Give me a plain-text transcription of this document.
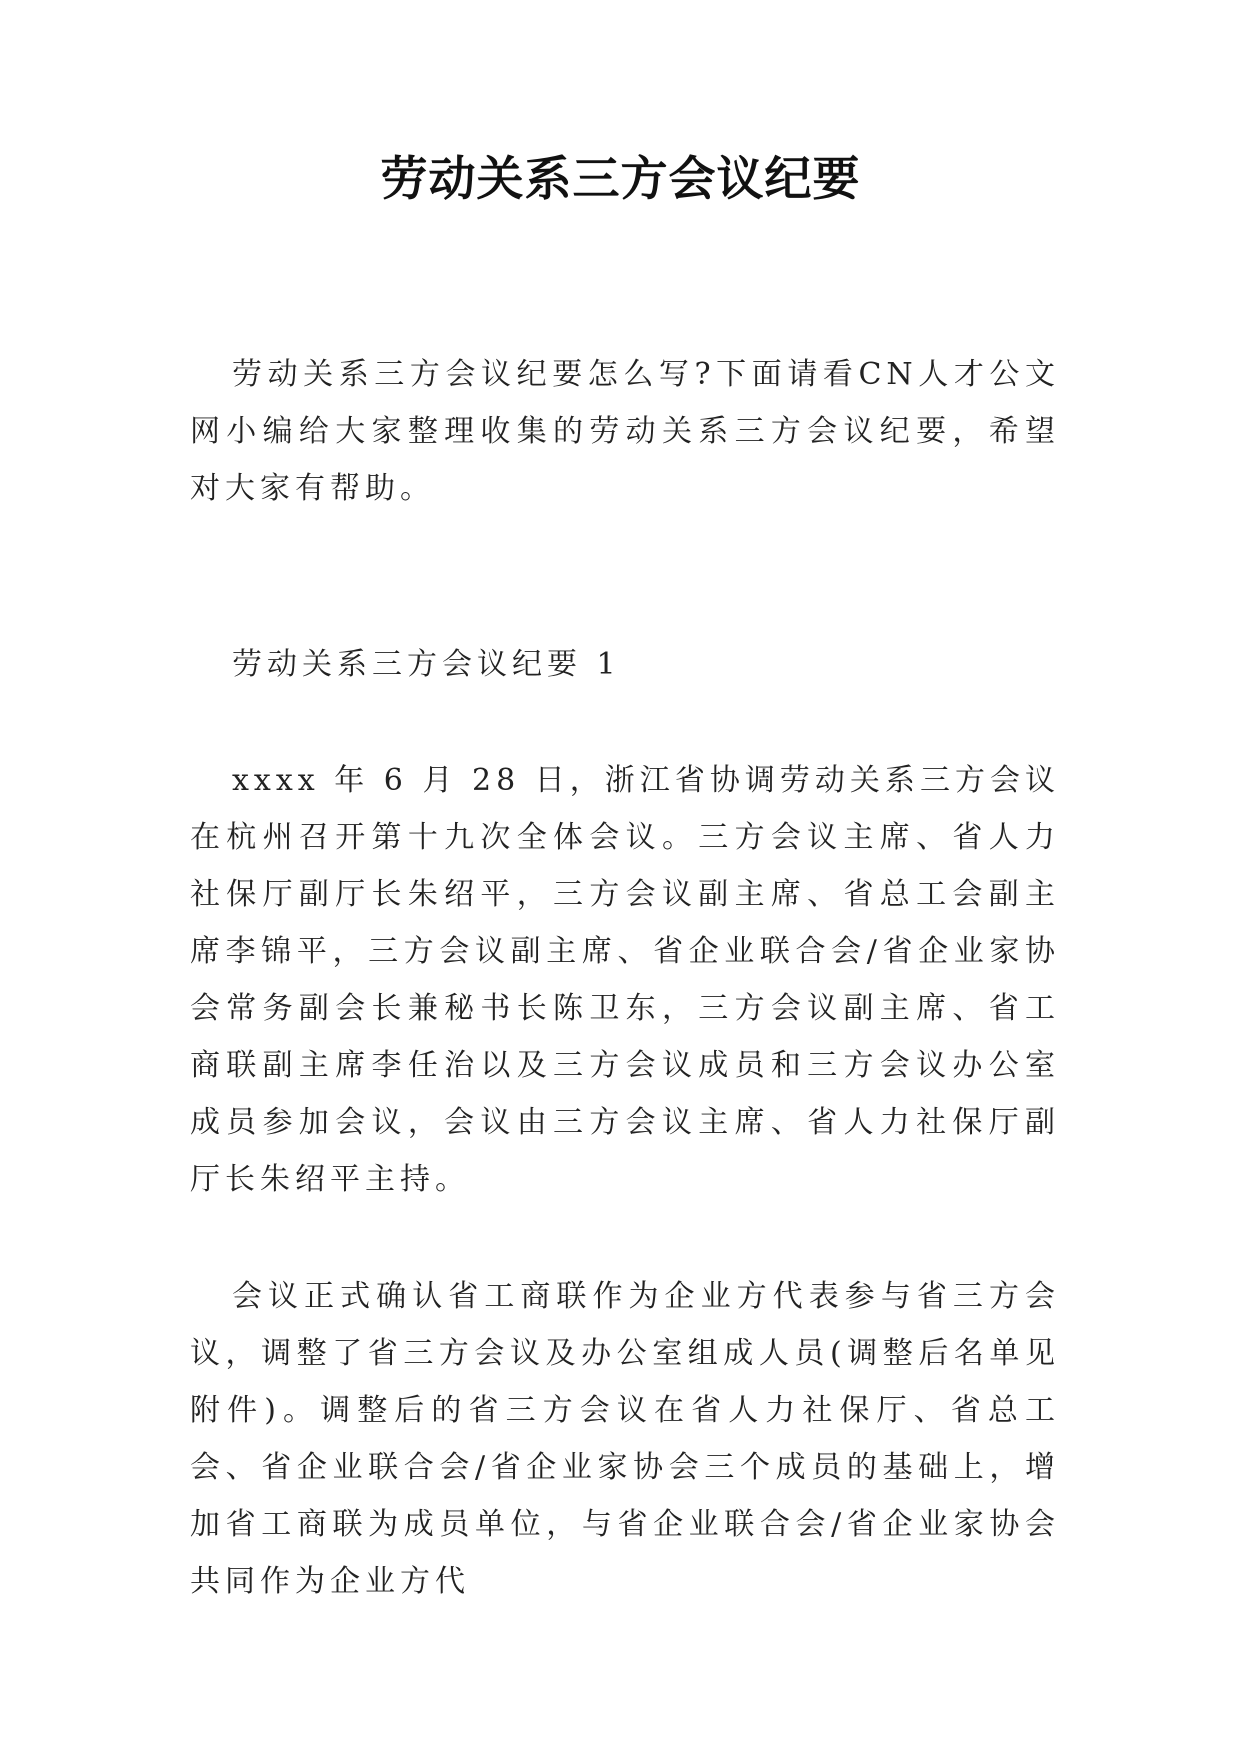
劳动关系三方会议纪要

劳动关系三方会议纪要怎么写?下面请看CN人才公文网小编给大家整理收集的劳动关系三方会议纪要，希望对大家有帮助。

劳动关系三方会议纪要 1

xxxx 年 6 月 28 日，浙江省协调劳动关系三方会议在杭州召开第十九次全体会议。三方会议主席、省人力社保厅副厅长朱绍平，三方会议副主席、省总工会副主席李锦平，三方会议副主席、省企业联合会/省企业家协会常务副会长兼秘书长陈卫东，三方会议副主席、省工商联副主席李任治以及三方会议成员和三方会议办公室成员参加会议，会议由三方会议主席、省人力社保厅副厅长朱绍平主持。

会议正式确认省工商联作为企业方代表参与省三方会议，调整了省三方会议及办公室组成人员(调整后名单见附件)。调整后的省三方会议在省人力社保厅、省总工会、省企业联合会/省企业家协会三个成员的基础上，增加省工商联为成员单位，与省企业联合会/省企业家协会共同作为企业方代
